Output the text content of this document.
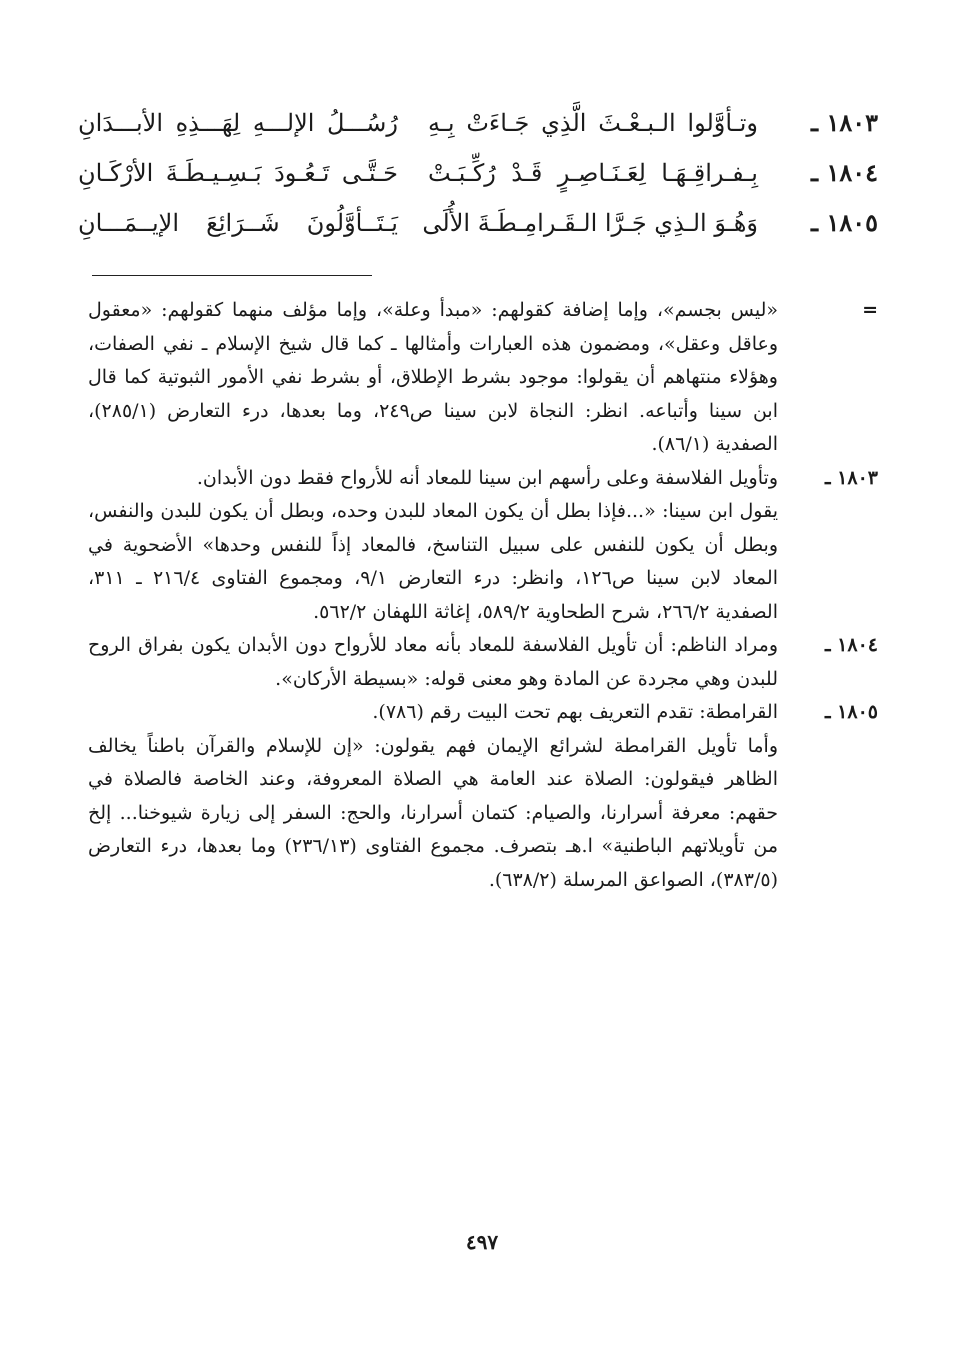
١٨٠٣ ـ
وتـأوَّلوا الـبـعْـثَ الَّذِي جَـاءَتْ بِـهِ
رُسُـــلُ الإلـــهِ لِهَـــذِهِ الأبـــدَانِ
١٨٠٤ ـ
بِـفـراقِـهَـا لِعَـنَـاصِـرٍ قَـدْ رُكِّـبَـتْ
حَـتَّـى تَـعُـودَ بَـسِـيـطَـةَ الأرْكَـانِ
١٨٠٥ ـ
وَهُـوَ الـذِي جَـرَّا الـقَـرامِـطَـةَ الأُلَى
يَـتَــأوَّلُونَ شَــرَائِعَ الإيــمَـــانِ
=

«ليس بجسم»، وإما إضافة كقولهم: «مبدأ وعلة»، وإما مؤلف منهما كقولهم: «معقول وعاقل وعقل»، ومضمون هذه العبارات وأمثالها ـ كما قال شيخ الإسلام ـ نفي الصفات، وهؤلاء منتهاهم أن يقولوا: موجود بشرط الإطلاق، أو بشرط نفي الأمور الثبوتية كما قال ابن سينا وأتباعه. انظر: النجاة لابن سينا ص٢٤٩، وما بعدها، درء التعارض (٢٨٥/١)، الصفدية (٨٦/١).

١٨٠٣ ـ

وتأويل الفلاسفة وعلى رأسهم ابن سينا للمعاد أنه للأرواح فقط دون الأبدان.

يقول ابن سينا: «...فإذا بطل أن يكون المعاد للبدن وحده، وبطل أن يكون للبدن والنفس، وبطل أن يكون للنفس على سبيل التناسخ، فالمعاد إذاً للنفس وحدها» الأضحوية في المعاد لابن سينا ص١٢٦، وانظر: درء التعارض ٩/١، ومجموع الفتاوى ٢١٦/٤ ـ ٣١١، الصفدية ٢٦٦/٢، شرح الطحاوية ٥٨٩/٢، إغاثة اللهفان ٥٦٢/٢.

١٨٠٤ ـ

ومراد الناظم: أن تأويل الفلاسفة للمعاد بأنه معاد للأرواح دون الأبدان يكون بفراق الروح للبدن وهي مجردة عن المادة وهو معنى قوله: «بسيطة الأركان».

١٨٠٥ ـ

القرامطة: تقدم التعريف بهم تحت البيت رقم (٧٨٦).

وأما تأويل القرامطة لشرائع الإيمان فهم يقولون: «إن للإسلام والقرآن باطناً يخالف الظاهر فيقولون: الصلاة عند العامة هي الصلاة المعروفة، وعند الخاصة فالصلاة في حقهم: معرفة أسرارنا، والصيام: كتمان أسرارنا، والحج: السفر إلى زيارة شيوخنا... إلخ من تأويلاتهم الباطنية» ا.هـ بتصرف. مجموع الفتاوى (٢٣٦/١٣) وما بعدها، درء التعارض (٣٨٣/٥)، الصواعق المرسلة (٦٣٨/٢).

٤٩٧
